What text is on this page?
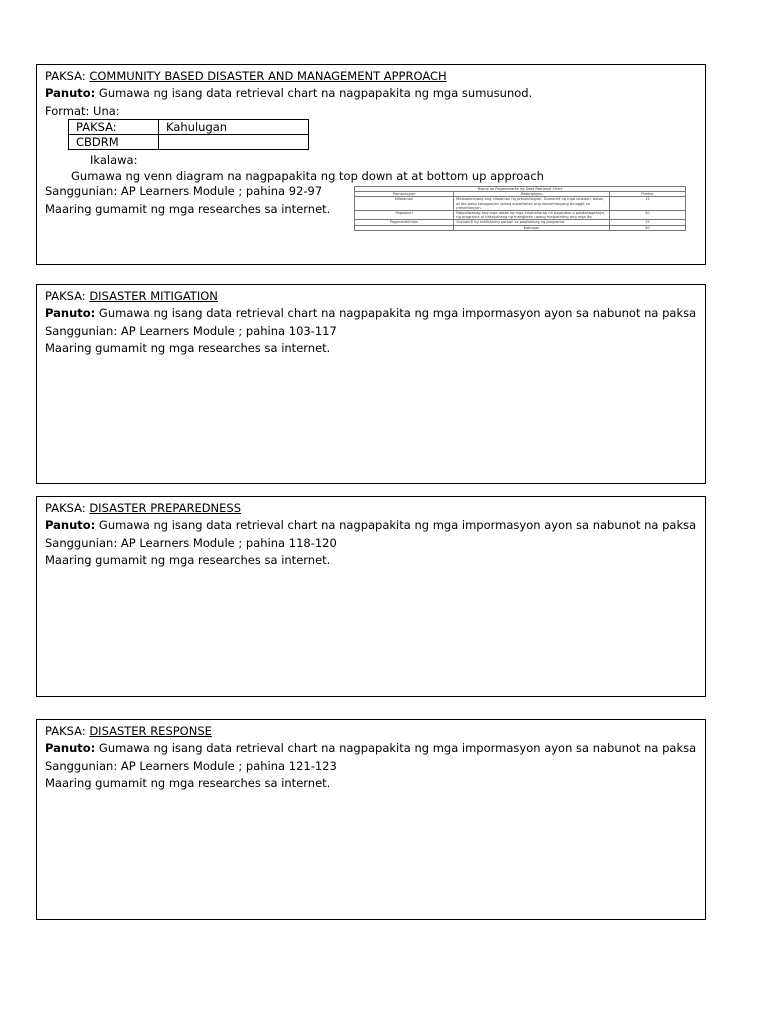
PAKSA: COMMUNITY BASED DISASTER AND MANAGEMENT APPROACH
Panuto: Gumawa ng isang data retrieval chart na nagpapakita ng mga sumusunod.
Format: Una:
PAKSA:	Kahulugan
CBDRM	
Ikalawa:
Gumawa ng venn diagram na nagpapakita ng top down at at bottom up approach
Sanggunian: AP Learners Module ; pahina 92-97
Maaring gumamit ng mga researches sa internet.
Rubric sa Pagmamarka ng Data Retrieval Chart		
Pamantayan	Deskripsyon	Puntos
Nilalaman	Malalaliminang ang nilalaman ng presentasyon. Gumamit ng mga larawan, datos, at iba pang sanggunian upang suportahan ang impormasyong binaggit sa presentasyon.	15
Pagsasuri	Naipaliwanag ang mga datos ng mga kinahaharap na pagsubok o pagkakagansya ng programa at kakayahang ng mangkatin upang maiparating ang mga ito.	20
Pagkamalikhain	Gumamit ng malikhaing paraan sa pagtalakay ng programa.	15
	Kabuuan	50
PAKSA: DISASTER MITIGATION
Panuto: Gumawa ng isang data retrieval chart na nagpapakita ng mga impormasyon ayon sa nabunot na paksa
Sanggunian: AP Learners Module ; pahina 103-117
Maaring gumamit ng mga researches sa internet.
PAKSA: DISASTER PREPAREDNESS
Panuto: Gumawa ng isang data retrieval chart na nagpapakita ng mga impormasyon ayon sa nabunot na paksa
Sanggunian: AP Learners Module ; pahina 118-120
Maaring gumamit ng mga researches sa internet.
PAKSA: DISASTER RESPONSE
Panuto: Gumawa ng isang data retrieval chart na nagpapakita ng mga impormasyon ayon sa nabunot na paksa
Sanggunian: AP Learners Module ; pahina 121-123
Maaring gumamit ng mga researches sa internet.
